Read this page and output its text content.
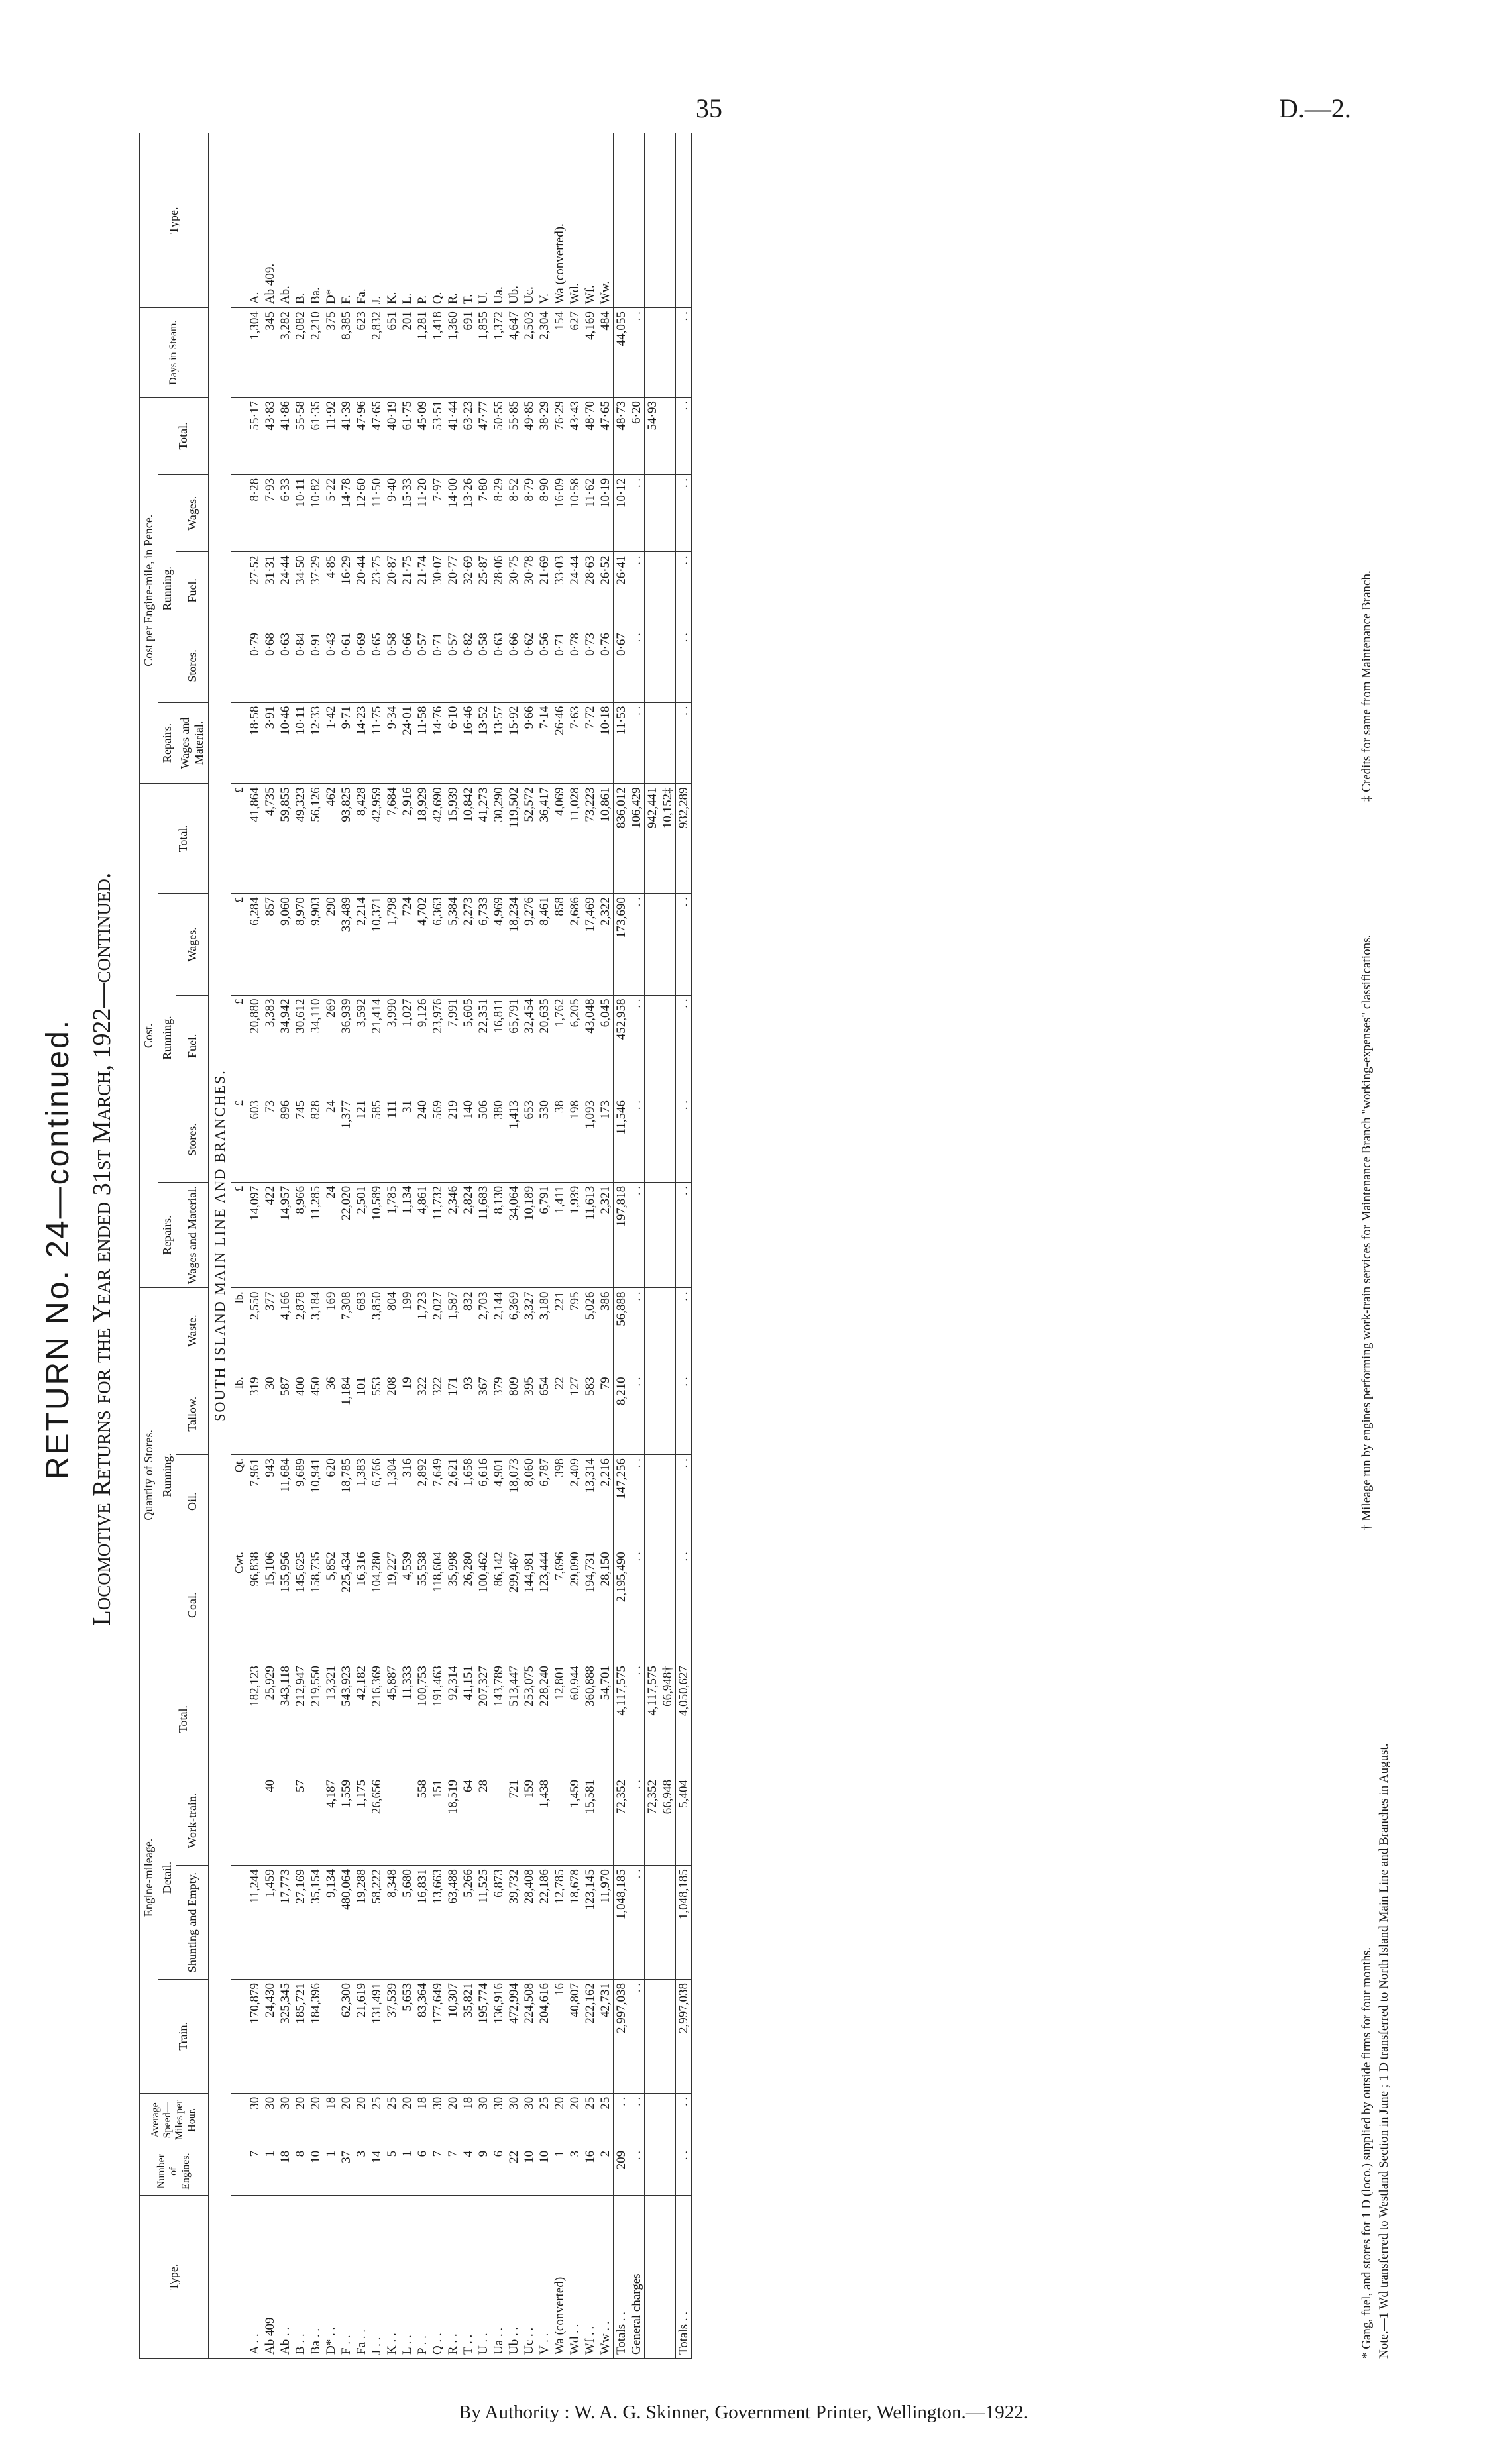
35	D.—2.
RETURN No. 24—continued. Locomotive Returns for the Year ended 31st March, 1922—continued.
Type.	Number of Engines.	Average Speed—Miles per Hour.	Engine-mileage.				Quantity of Stores.				Cost.					Cost per Engine-mile, in Pence.					Days in Steam.	Type.
			Train.	Detail.		Total.	Running.				Repairs.	Running.			Total.	Repairs.	Running.			Total.		
				Shunting and Empty.	Work-train.		Coal.	Oil.	Tallow.	Waste.	Wages and Material.	Stores.	Fuel.	Wages.		Wages and Material.	Stores.	Fuel.	Wages.			

SOUTH ISLAND MAIN LINE AND BRANCHES.																						
							Cwt.	Qt.	lb.	lb.	£	£	£	£	£							
A . .	7	30	170,879	11,244		182,123	96,838	7,961	319	2,550	14,097	603	20,880	6,284	41,864	18·58	0·79	27·52	8·28	55·17	1,304	A.
Ab 409	1	30	24,430	1,459	40	25,929	15,106	943	30	377	422	73	3,383	857	4,735	3·91	0·68	31·31	7·93	43·83	345	Ab 409.
Ab . .	18	30	325,345	17,773		343,118	155,956	11,684	587	4,166	14,957	896	34,942	9,060	59,855	10·46	0·63	24·44	6·33	41·86	3,282	Ab.
B . .	8	20	185,721	27,169	57	212,947	145,625	9,689	400	2,878	8,966	745	30,612	8,970	49,323	10·11	0·84	34·50	10·11	55·58	2,082	B.
Ba . .	10	20	184,396	35,154		219,550	158,735	10,941	450	3,184	11,285	828	34,110	9,903	56,126	12·33	0·91	37·29	10·82	61·35	2,210	Ba.
D* . .	1	18		9,134	4,187	13,321	5,852	620	36	169	24	24	269	290	462	1·42	0·43	4·85	5·22	11·92	375	D*
F . .	37	20	62,300	480,064	1,559	543,923	225,434	18,785	1,184	7,308	22,020	1,377	36,939	33,489	93,825	9·71	0·61	16·29	14·78	41·39	8,385	F.
Fa . .	3	20	21,619	19,288	1,175	42,182	16,316	1,383	101	683	2,501	121	3,592	2,214	8,428	14·23	0·69	20·44	12·60	47·96	623	Fa.
J . .	14	25	131,491	58,222	26,656	216,369	104,280	6,766	553	3,850	10,589	585	21,414	10,371	42,959	11·75	0·65	23·75	11·50	47·65	2,832	J.
K . .	5	25	37,539	8,348		45,887	19,227	1,304	208	804	1,785	111	3,990	1,798	7,684	9·34	0·58	20·87	9·40	40·19	651	K.
L . .	1	20	5,653	5,680		11,333	4,539	316	19	199	1,134	31	1,027	724	2,916	24·01	0·66	21·75	15·33	61·75	201	L.
P . .	6	18	83,364	16,831	558	100,753	55,538	2,892	322	1,723	4,861	240	9,126	4,702	18,929	11·58	0·57	21·74	11·20	45·09	1,281	P.
Q . .	7	30	177,649	13,663	151	191,463	118,604	7,649	322	2,027	11,732	569	23,976	6,363	42,690	14·76	0·71	30·07	7·97	53·51	1,418	Q.
R . .	7	20	10,307	63,488	18,519	92,314	35,998	2,621	171	1,587	2,346	219	7,991	5,384	15,939	6·10	0·57	20·77	14·00	41·44	1,360	R.
T . .	4	18	35,821	5,266	64	41,151	26,280	1,658	93	832	2,824	140	5,605	2,273	10,842	16·46	0·82	32·69	13·26	63·23	691	T.
U . .	9	30	195,774	11,525	28	207,327	100,462	6,616	367	2,703	11,683	506	22,351	6,733	41,273	13·52	0·58	25·87	7·80	47·77	1,855	U.
Ua . .	6	30	136,916	6,873		143,789	86,142	4,901	379	2,144	8,130	380	16,811	4,969	30,290	13·57	0·63	28·06	8·29	50·55	1,372	Ua.
Ub . .	22	30	472,994	39,732	721	513,447	299,467	18,073	809	6,369	34,064	1,413	65,791	18,234	119,502	15·92	0·66	30·75	8·52	55·85	4,647	Ub.
Uc . .	10	30	224,508	28,408	159	253,075	144,981	8,060	395	3,327	10,189	653	32,454	9,276	52,572	9·66	0·62	30·78	8·79	49·85	2,503	Uc.
V . .	10	25	204,616	22,186	1,438	228,240	123,444	6,787	654	3,180	6,791	530	20,635	8,461	36,417	7·14	0·56	21·69	8·90	38·29	2,304	V.
Wa (converted)	1	20	16	12,785		12,801	7,696	398	22	221	1,411	38	1,762	858	4,069	26·46	0·71	33·03	16·09	76·29	154	Wa (converted).
Wd . .	3	20	40,807	18,678	1,459	60,944	29,090	2,409	127	795	1,939	198	6,205	2,686	11,028	7·63	0·78	24·44	10·58	43·43	627	Wd.
Wf . .	16	25	222,162	123,145	15,581	360,888	194,731	13,314	583	5,026	11,613	1,093	43,048	17,469	73,223	7·72	0·73	28·63	11·62	48·70	4,169	Wf.
Ww . .	2	25	42,731	11,970		54,701	28,150	2,216	79	386	2,321	173	6,045	2,322	10,861	10·18	0·76	26·52	10·19	47·65	484	Ww.
Totals . .	209	. .	2,997,038	1,048,185	72,352	4,117,575	2,195,490	147,256	8,210	56,888	197,818	11,546	452,958	173,690	836,012	11·53	0·67	26·41	10·12	48·73	44,055	
General charges	. .	. .	. .	. .	. .	. .	. .	. .	. .	. .	. .	. .	. .	. .	106,429	. .	. .	. .	. .	6·20	. .	
					72,352	4,117,575									942,441					54·93		
					66,948	66,948†									10,152‡							
Totals . .	. .	. .	2,997,038	1,048,185	5,404	4,050,627	. .	. .	. .	. .	. .	. .	. .	. .	932,289	. .	. .	. .	. .	. .	. .	
* Gang, fuel, and stores for 1 D (loco.) supplied by outside firms for four months.
† Mileage run by engines performing work-train services for Maintenance Branch "working-expenses" classifications.
‡ Credits for same from Maintenance Branch.
Note.—1 Wd transferred to Westland Section in June ; 1 D transferred to North Island Main Line and Branches in August.
By Authority : W. A. G. Skinner, Government Printer, Wellington.—1922.
